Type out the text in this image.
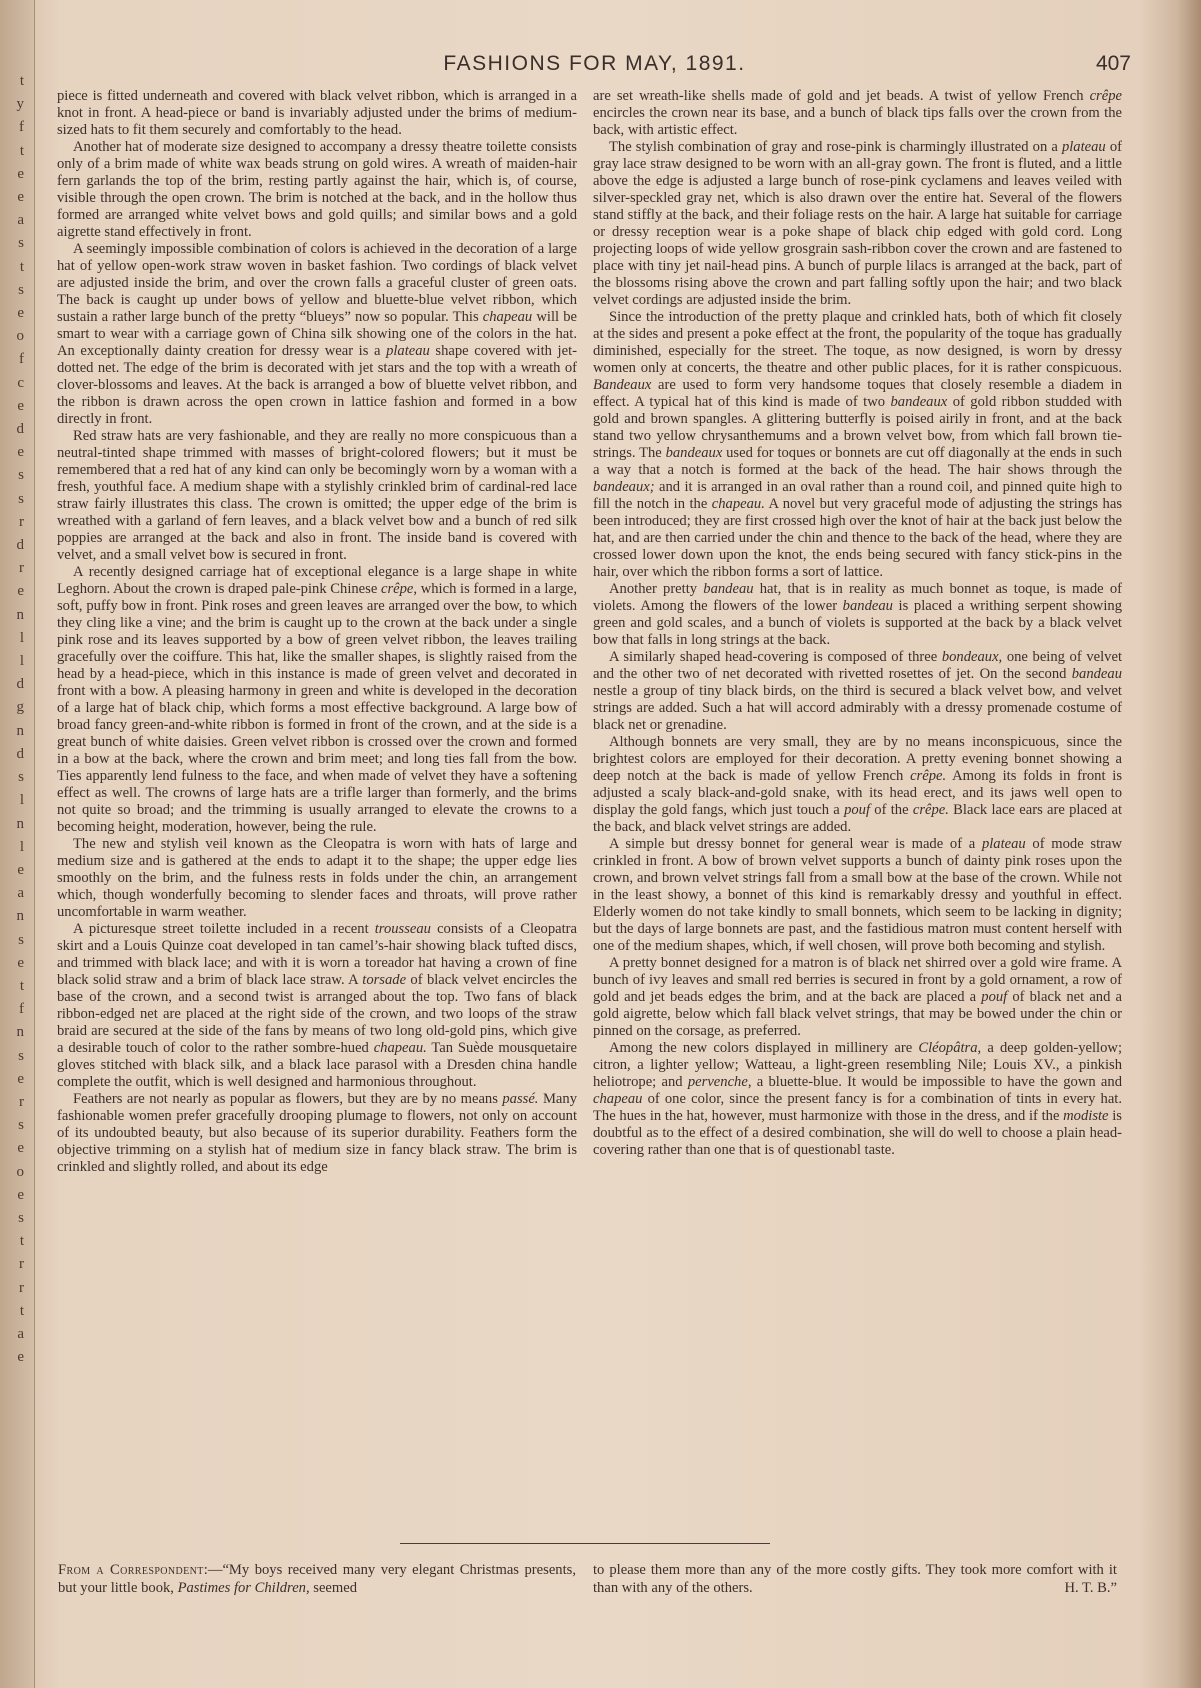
t
y
f
t
e
e
a
s
t
s
e
o
f
c
e
d
e
s
s
r
d
r
e
n
l
l
d
g
n
d
s
l
n
l
e
a
n
s
e
t
f
n
s
e
r
s
e
o
e
s
t
r
r
t
a
e
FASHIONS FOR MAY, 1891.	407

piece is fitted underneath and covered with black velvet ribbon, which is arranged in a knot in front. A head-piece or band is invariably adjusted under the brims of medium-sized hats to fit them securely and comfortably to the head.

Another hat of moderate size designed to accompany a dressy theatre toilette consists only of a brim made of white wax beads strung on gold wires. A wreath of maiden-hair fern garlands the top of the brim, resting partly against the hair, which is, of course, visible through the open crown. The brim is notched at the back, and in the hollow thus formed are arranged white velvet bows and gold quills; and similar bows and a gold aigrette stand effectively in front.

A seemingly impossible combination of colors is achieved in the decoration of a large hat of yellow open-work straw woven in basket fashion. Two cordings of black velvet are adjusted inside the brim, and over the crown falls a graceful cluster of green oats. The back is caught up under bows of yellow and bluette-blue velvet ribbon, which sustain a rather large bunch of the pretty “blueys” now so popular. This chapeau will be smart to wear with a carriage gown of China silk showing one of the colors in the hat. An exceptionally dainty creation for dressy wear is a plateau shape covered with jet-dotted net. The edge of the brim is decorated with jet stars and the top with a wreath of clover-blossoms and leaves. At the back is arranged a bow of bluette velvet ribbon, and the ribbon is drawn across the open crown in lattice fashion and formed in a bow directly in front.

Red straw hats are very fashionable, and they are really no more conspicuous than a neutral-tinted shape trimmed with masses of bright-colored flowers; but it must be remembered that a red hat of any kind can only be becomingly worn by a woman with a fresh, youthful face. A medium shape with a stylishly crinkled brim of cardinal-red lace straw fairly illustrates this class. The crown is omitted; the upper edge of the brim is wreathed with a garland of fern leaves, and a black velvet bow and a bunch of red silk poppies are arranged at the back and also in front. The inside band is covered with velvet, and a small velvet bow is secured in front.

A recently designed carriage hat of exceptional elegance is a large shape in white Leghorn. About the crown is draped pale-pink Chinese crêpe, which is formed in a large, soft, puffy bow in front. Pink roses and green leaves are arranged over the bow, to which they cling like a vine; and the brim is caught up to the crown at the back under a single pink rose and its leaves supported by a bow of green velvet ribbon, the leaves trailing gracefully over the coiffure. This hat, like the smaller shapes, is slightly raised from the head by a head-piece, which in this instance is made of green velvet and decorated in front with a bow. A pleasing harmony in green and white is developed in the decoration of a large hat of black chip, which forms a most effective background. A large bow of broad fancy green-and-white ribbon is formed in front of the crown, and at the side is a great bunch of white daisies. Green velvet ribbon is crossed over the crown and formed in a bow at the back, where the crown and brim meet; and long ties fall from the bow. Ties apparently lend fulness to the face, and when made of velvet they have a softening effect as well. The crowns of large hats are a trifle larger than formerly, and the brims not quite so broad; and the trimming is usually arranged to elevate the crowns to a becoming height, moderation, however, being the rule.

The new and stylish veil known as the Cleopatra is worn with hats of large and medium size and is gathered at the ends to adapt it to the shape; the upper edge lies smoothly on the brim, and the fulness rests in folds under the chin, an arrangement which, though wonderfully becoming to slender faces and throats, will prove rather uncomfortable in warm weather.

A picturesque street toilette included in a recent trousseau consists of a Cleopatra skirt and a Louis Quinze coat developed in tan camel’s-hair showing black tufted discs, and trimmed with black lace; and with it is worn a toreador hat having a crown of fine black solid straw and a brim of black lace straw. A torsade of black velvet encircles the base of the crown, and a second twist is arranged about the top. Two fans of black ribbon-edged net are placed at the right side of the crown, and two loops of the straw braid are secured at the side of the fans by means of two long old-gold pins, which give a desirable touch of color to the rather sombre-hued chapeau. Tan Suède mousquetaire gloves stitched with black silk, and a black lace parasol with a Dresden china handle complete the outfit, which is well designed and harmonious throughout.

Feathers are not nearly as popular as flowers, but they are by no means passé. Many fashionable women prefer gracefully drooping plumage to flowers, not only on account of its undoubted beauty, but also because of its superior durability. Feathers form the objective trimming on a stylish hat of medium size in fancy black straw. The brim is crinkled and slightly rolled, and about its edge

are set wreath-like shells made of gold and jet beads. A twist of yellow French crêpe encircles the crown near its base, and a bunch of black tips falls over the crown from the back, with artistic effect.

The stylish combination of gray and rose-pink is charmingly illustrated on a plateau of gray lace straw designed to be worn with an all-gray gown. The front is fluted, and a little above the edge is adjusted a large bunch of rose-pink cyclamens and leaves veiled with silver-speckled gray net, which is also drawn over the entire hat. Several of the flowers stand stiffly at the back, and their foliage rests on the hair. A large hat suitable for carriage or dressy reception wear is a poke shape of black chip edged with gold cord. Long projecting loops of wide yellow grosgrain sash-ribbon cover the crown and are fastened to place with tiny jet nail-head pins. A bunch of purple lilacs is arranged at the back, part of the blossoms rising above the crown and part falling softly upon the hair; and two black velvet cordings are adjusted inside the brim.

Since the introduction of the pretty plaque and crinkled hats, both of which fit closely at the sides and present a poke effect at the front, the popularity of the toque has gradually diminished, especially for the street. The toque, as now designed, is worn by dressy women only at concerts, the theatre and other public places, for it is rather conspicuous. Bandeaux are used to form very handsome toques that closely resemble a diadem in effect. A typical hat of this kind is made of two bandeaux of gold ribbon studded with gold and brown spangles. A glittering butterfly is poised airily in front, and at the back stand two yellow chrysanthemums and a brown velvet bow, from which fall brown tie-strings. The bandeaux used for toques or bonnets are cut off diagonally at the ends in such a way that a notch is formed at the back of the head. The hair shows through the bandeaux; and it is arranged in an oval rather than a round coil, and pinned quite high to fill the notch in the chapeau. A novel but very graceful mode of adjusting the strings has been introduced; they are first crossed high over the knot of hair at the back just below the hat, and are then carried under the chin and thence to the back of the head, where they are crossed lower down upon the knot, the ends being secured with fancy stick-pins in the hair, over which the ribbon forms a sort of lattice.

Another pretty bandeau hat, that is in reality as much bonnet as toque, is made of violets. Among the flowers of the lower bandeau is placed a writhing serpent showing green and gold scales, and a bunch of violets is supported at the back by a black velvet bow that falls in long strings at the back.

A similarly shaped head-covering is composed of three bondeaux, one being of velvet and the other two of net decorated with rivetted rosettes of jet. On the second bandeau nestle a group of tiny black birds, on the third is secured a black velvet bow, and velvet strings are added. Such a hat will accord admirably with a dressy promenade costume of black net or grenadine.

Although bonnets are very small, they are by no means inconspicuous, since the brightest colors are employed for their decoration. A pretty evening bonnet showing a deep notch at the back is made of yellow French crêpe. Among its folds in front is adjusted a scaly black-and-gold snake, with its head erect, and its jaws well open to display the gold fangs, which just touch a pouf of the crêpe. Black lace ears are placed at the back, and black velvet strings are added.

A simple but dressy bonnet for general wear is made of a plateau of mode straw crinkled in front. A bow of brown velvet supports a bunch of dainty pink roses upon the crown, and brown velvet strings fall from a small bow at the base of the crown. While not in the least showy, a bonnet of this kind is remarkably dressy and youthful in effect. Elderly women do not take kindly to small bonnets, which seem to be lacking in dignity; but the days of large bonnets are past, and the fastidious matron must content herself with one of the medium shapes, which, if well chosen, will prove both becoming and stylish.

A pretty bonnet designed for a matron is of black net shirred over a gold wire frame. A bunch of ivy leaves and small red berries is secured in front by a gold ornament, a row of gold and jet beads edges the brim, and at the back are placed a pouf of black net and a gold aigrette, below which fall black velvet strings, that may be bowed under the chin or pinned on the corsage, as preferred.

Among the new colors displayed in millinery are Cléopâtra, a deep golden-yellow; citron, a lighter yellow; Watteau, a light-green resembling Nile; Louis XV., a pinkish heliotrope; and pervenche, a bluette-blue. It would be impossible to have the gown and chapeau of one color, since the present fancy is for a combination of tints in every hat. The hues in the hat, however, must harmonize with those in the dress, and if the modiste is doubtful as to the effect of a desired combination, she will do well to choose a plain head-covering rather than one that is of questionabl taste.

From a Correspondent:—“My boys received many very elegant Christmas presents, but your little book, Pastimes for Children, seemed
to please them more than any of the more costly gifts. They took more comfort with it than with any of the others.	H. T. B.”
